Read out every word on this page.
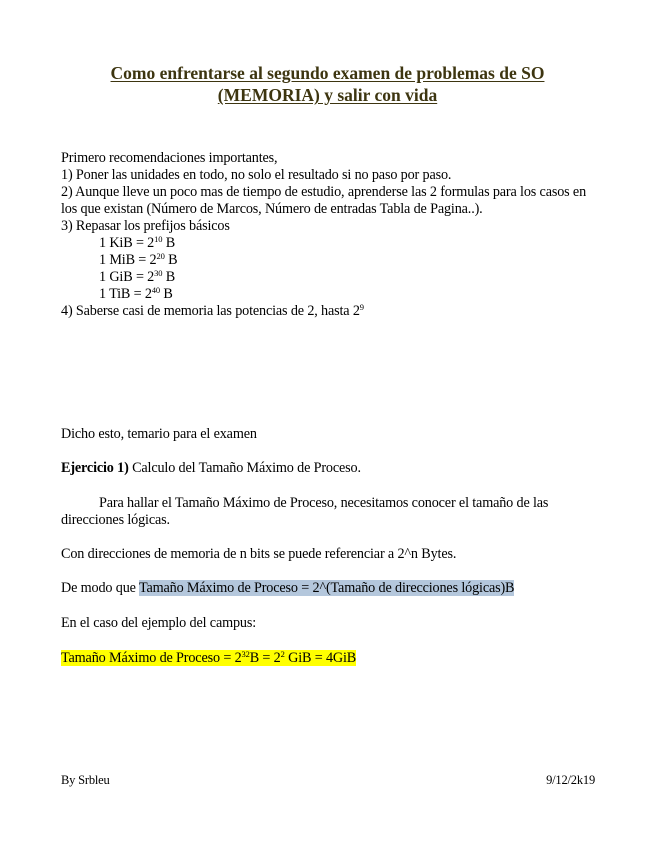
Como enfrentarse al segundo examen de problemas de SO
(MEMORIA) y salir con vida
Primero recomendaciones importantes,
1) Poner las unidades en todo, no solo el resultado si no paso por paso.
2) Aunque lleve un poco mas de tiempo de estudio, aprenderse las 2 formulas para los casos en los que existan (Número de Marcos, Número de entradas Tabla de Pagina..).
3) Repasar los prefijos básicos
1 KiB = $2^{10}$ B
1 MiB = $2^{20}$ B
1 GiB = $2^{30}$ B
1 TiB = $2^{40}$ B
4) Saberse casi de memoria las potencias de 2, hasta $2^9$
Dicho esto, temario para el examen
Ejercicio 1) Calculo del Tamaño Máximo de Proceso.
Para hallar el Tamaño Máximo de Proceso, necesitamos conocer el tamaño de las direcciones lógicas.
Con direcciones de memoria de n bits se puede referenciar a 2^n Bytes.
De modo que Tamaño Máximo de Proceso = 2^(Tamaño de direcciones lógicas)B
En el caso del ejemplo del campus:
Tamaño Máximo de Proceso = $2^{32}B = 2^2$ GiB = 4GiB
By Srbleu	9/12/2k19
